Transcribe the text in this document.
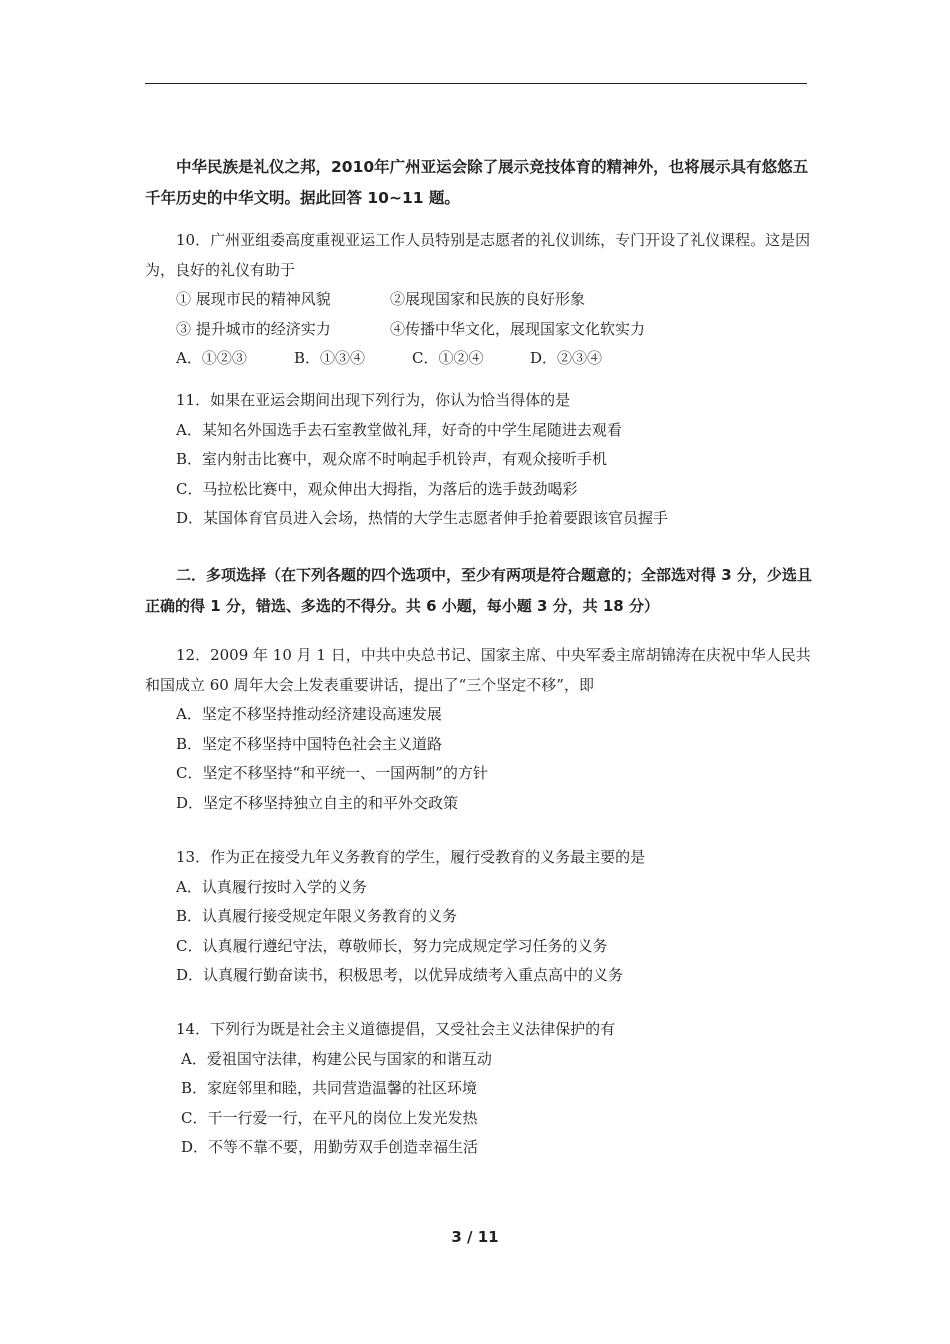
中华民族是礼仪之邦，2010年广州亚运会除了展示竞技体育的精神外，也将展示具有悠悠五千年历史的中华文明。据此回答 10~11 题。
10．广州亚组委高度重视亚运工作人员特别是志愿者的礼仪训练，专门开设了礼仪课程。这是因为，良好的礼仪有助于
① 展现市民的精神风貌	②展现国家和民族的良好形象
③ 提升城市的经济实力	④传播中华文化，展现国家文化软实力
A．①②③	B．①③④	C．①②④	D．②③④
11．如果在亚运会期间出现下列行为，你认为恰当得体的是
A．某知名外国选手去石室教堂做礼拜，好奇的中学生尾随进去观看
B．室内射击比赛中，观众席不时响起手机铃声，有观众接听手机
C．马拉松比赛中，观众伸出大拇指，为落后的选手鼓劲喝彩
D．某国体育官员进入会场，热情的大学生志愿者伸手抢着要跟该官员握手
二．多项选择（在下列各题的四个选项中，至少有两项是符合题意的；全部选对得 3 分，少选且正确的得 1 分，错选、多选的不得分。共 6 小题，每小题 3 分，共 18 分）
12．2009 年 10 月 1 日，中共中央总书记、国家主席、中央军委主席胡锦涛在庆祝中华人民共和国成立 60 周年大会上发表重要讲话，提出了“三个坚定不移”，即
A．坚定不移坚持推动经济建设高速发展
B．坚定不移坚持中国特色社会主义道路
C．坚定不移坚持“和平统一、一国两制”的方针
D．坚定不移坚持独立自主的和平外交政策
13．作为正在接受九年义务教育的学生，履行受教育的义务最主要的是
A．认真履行按时入学的义务
B．认真履行接受规定年限义务教育的义务
C．认真履行遵纪守法，尊敬师长，努力完成规定学习任务的义务
D．认真履行勤奋读书，积极思考，以优异成绩考入重点高中的义务
14．下列行为既是社会主义道德提倡，又受社会主义法律保护的有
A．爱祖国守法律，构建公民与国家的和谐互动
B．家庭邻里和睦，共同营造温馨的社区环境
C．干一行爱一行，在平凡的岗位上发光发热
D．不等不靠不要，用勤劳双手创造幸福生活
3 / 11
